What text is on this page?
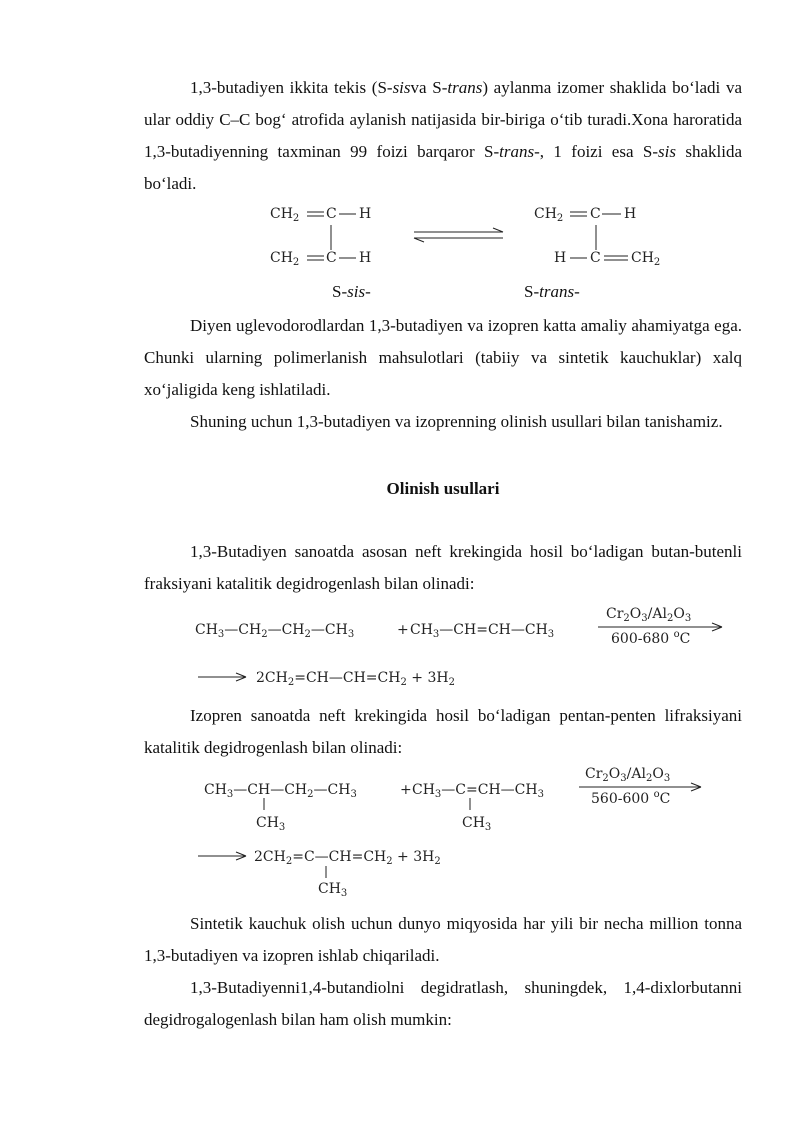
1,3-butadiyen ikkita tekis (S-sisva S-trans) aylanma izomer shaklida bo‘ladi va ular oddiy C–C bog‘ atrofida aylanish natijasida bir-biriga o‘tib turadi.Xona haroratida 1,3-butadiyenning taxminan 99 foizi barqaror S-trans-, 1 foizi esa S-sis shaklida bo‘ladi.

$CH_2$ C H
$CH_2$ C H
$CH_2$ C H
H C $CH_2$
S-sis-	S-trans-

Diyen uglevodorodlardan 1,3-butadiyen va izopren katta amaliy ahamiyatga ega. Chunki ularning polimerlanish mahsulotlari (tabiiy va sintetik kauchuklar) xalq xo‘jaligida keng ishlatiladi.

Shuning uchun 1,3-butadiyen va izoprenning olinish usullari bilan tanishamiz.

Olinish usullari

1,3-Butadiyen sanoatda asosan neft krekingida hosil bo‘ladigan butan-butenli fraksiyani katalitik degidrogenlash bilan olinadi:

$CH_3—CH_2—CH_2—CH_3$	+ $CH_3—CH=CH—CH_3$
$Cr_2O_3/Al_2O_3$
600-680 $^o$C
$2CH_2=CH—CH=CH_2 + 3H_2$

Izopren sanoatda neft krekingida hosil bo‘ladigan pentan-penten lifraksiyani katalitik degidrogenlash bilan olinadi:

$CH_3—CH—CH_2—CH_3$
$CH_3$
+ $CH_3—C=CH—CH_3$
$CH_3$
$Cr_2O_3/Al_2O_3$
560-600 $^o$C
$2CH_2=C—CH=CH_2 + 3H_2$
$CH_3$

Sintetik kauchuk olish uchun dunyo miqyosida har yili bir necha million tonna 1,3-butadiyen va izopren ishlab chiqariladi.

1,3-Butadiyenni1,4-butandiolni degidratlash, shuningdek, 1,4-dixlorbutanni degidrogalogenlash bilan ham olish mumkin:
